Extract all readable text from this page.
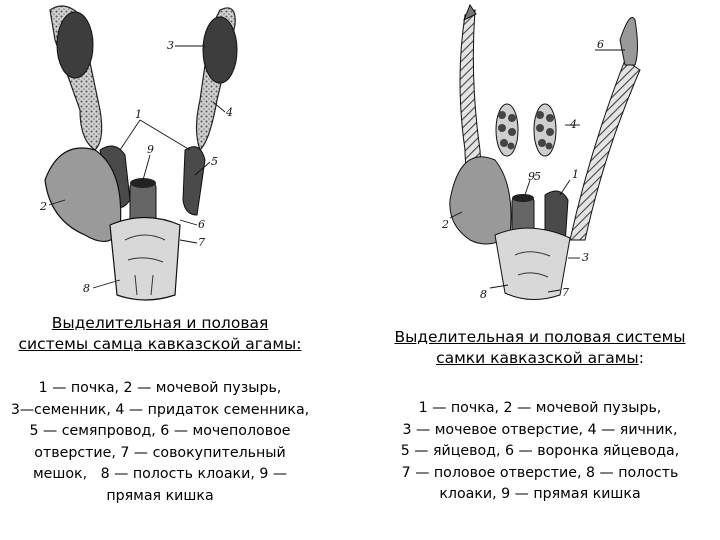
3
4
1
9
5
2
6
7
8
6
4
5
9	1
2
3
8	7
Выделительная и половая
системы самца кавказской агамы:	Выделительная и половая системы
самки кавказской агамы:
1 — почка, 2 — мочевой пузырь,
3—семенник, 4 — придаток семенника,
5 — семяпровод, 6 — мочеполовое
отверстие, 7 — совокупительный
мешок,   8 — полость клоаки, 9 —
прямая кишка
1 — почка, 2 — мочевой пузырь,
3 — мочевое отверстие, 4 — яичник,
5 — яйцевод, 6 — воронка яйцевода,
7 — половое отверстие, 8 — полость
клоаки, 9 — прямая кишка
